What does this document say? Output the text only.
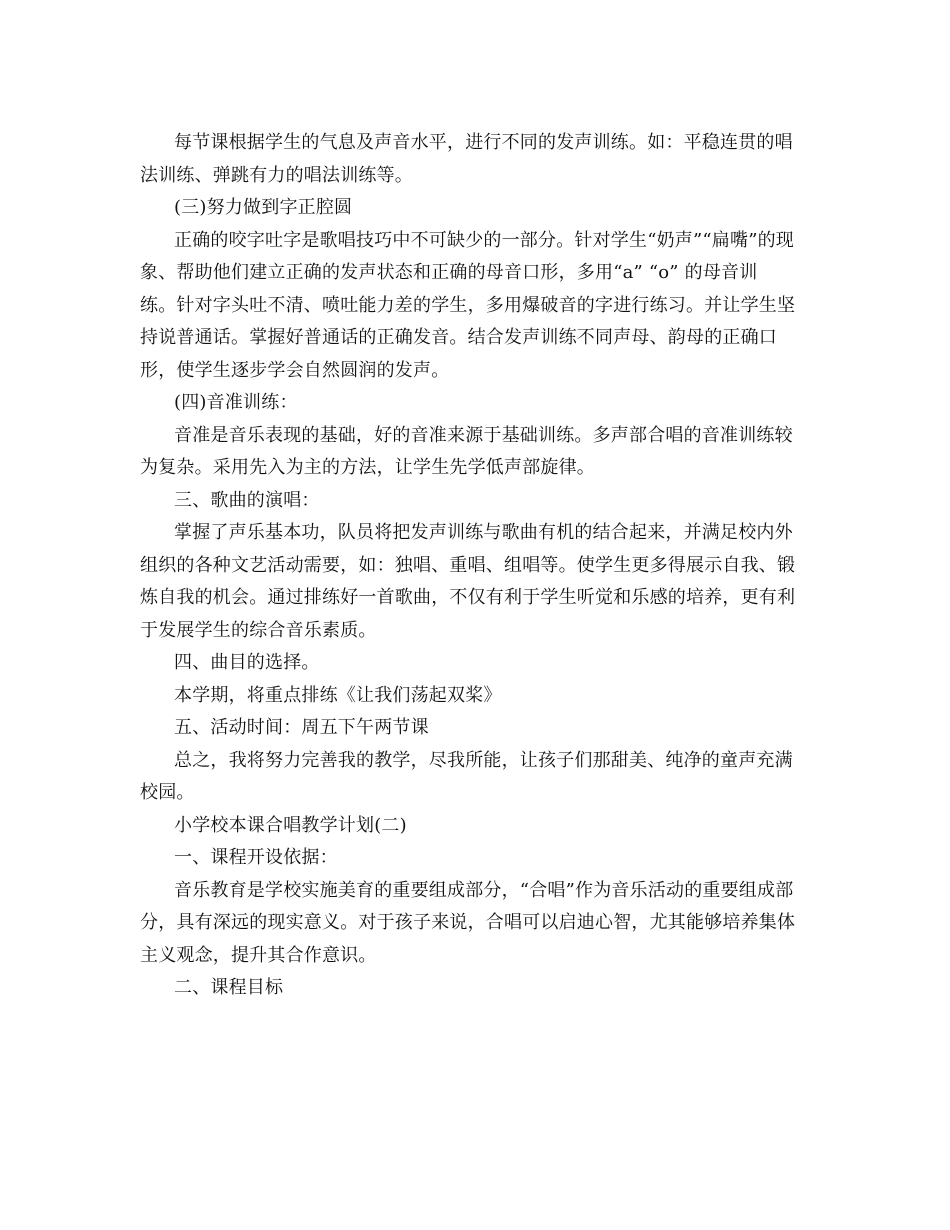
每节课根据学生的气息及声音水平，进行不同的发声训练。如：平稳连贯的唱
法训练、弹跳有力的唱法训练等。
(三)努力做到字正腔圆
正确的咬字吐字是歌唱技巧中不可缺少的一部分。针对学生“奶声”“扁嘴”的现
象、帮助他们建立正确的发声状态和正确的母音口形，多用“a” “o” 的母音训
练。针对字头吐不清、喷吐能力差的学生，多用爆破音的字进行练习。并让学生坚
持说普通话。掌握好普通话的正确发音。结合发声训练不同声母、韵母的正确口
形，使学生逐步学会自然圆润的发声。
(四)音准训练：
音准是音乐表现的基础，好的音准来源于基础训练。多声部合唱的音准训练较
为复杂。采用先入为主的方法，让学生先学低声部旋律。
三、歌曲的演唱：
掌握了声乐基本功，队员将把发声训练与歌曲有机的结合起来，并满足校内外
组织的各种文艺活动需要，如：独唱、重唱、组唱等。使学生更多得展示自我、锻
炼自我的机会。通过排练好一首歌曲，不仅有利于学生听觉和乐感的培养，更有利
于发展学生的综合音乐素质。
四、曲目的选择。
本学期，将重点排练《让我们荡起双桨》
五、活动时间：周五下午两节课
总之，我将努力完善我的教学，尽我所能，让孩子们那甜美、纯净的童声充满
校园。
小学校本课合唱教学计划(二)
一、课程开设依据：
音乐教育是学校实施美育的重要组成部分，“合唱”作为音乐活动的重要组成部
分，具有深远的现实意义。对于孩子来说，合唱可以启迪心智，尤其能够培养集体
主义观念，提升其合作意识。
二、课程目标
